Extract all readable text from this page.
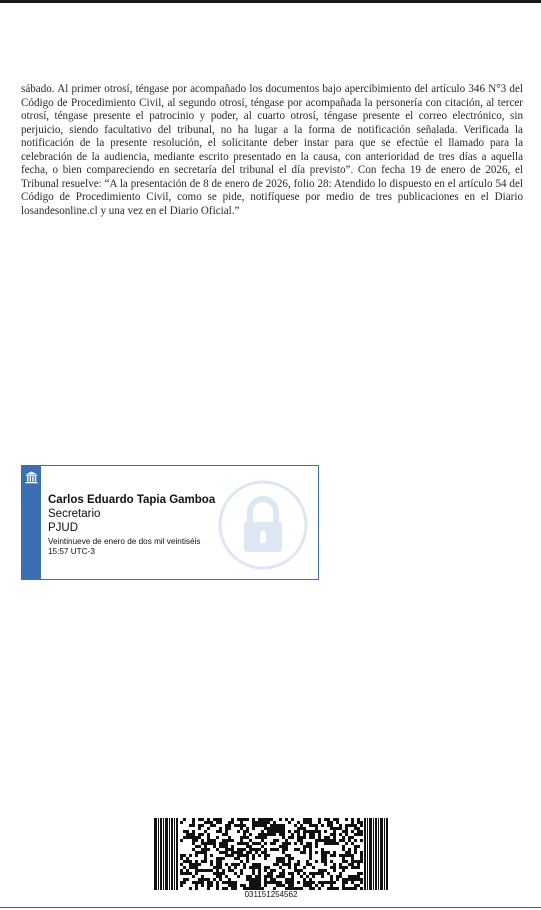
sábado. Al primer otrosí, téngase por acompañado los documentos bajo apercibimiento del artículo 346 N°3 del Código de Procedimiento Civil, al segundo otrosí, téngase por acompañada la personería con citación, al tercer otrosí, téngase presente el patrocinio y poder, al cuarto otrosí, téngase presente el correo electrónico, sin perjuicio, siendo facultativo del tribunal, no ha lugar a la forma de notificación señalada. Verificada la notificación de la presente resolución, el solicitante deber instar para que se efectúe el llamado para la celebración de la audiencia, mediante escrito presentado en la causa, con anterioridad de tres días a aquella fecha, o bien compareciendo en secretaría del tribunal el día previsto”. Con fecha 19 de enero de 2026, el Tribunal resuelve: “A la presentación de 8 de enero de 2026, folio 28: Atendido lo dispuesto en el artículo 54 del Código de Procedimiento Civil, como se pide, notifíquese por medio de tres publicaciones en el Diario losandesonline.cl y una vez en el Diario Oficial.”

Carlos Eduardo Tapia Gamboa
Secretario
PJUD
Veintinueve de enero de dos mil veintiséis
15:57 UTC-3
031151254562
